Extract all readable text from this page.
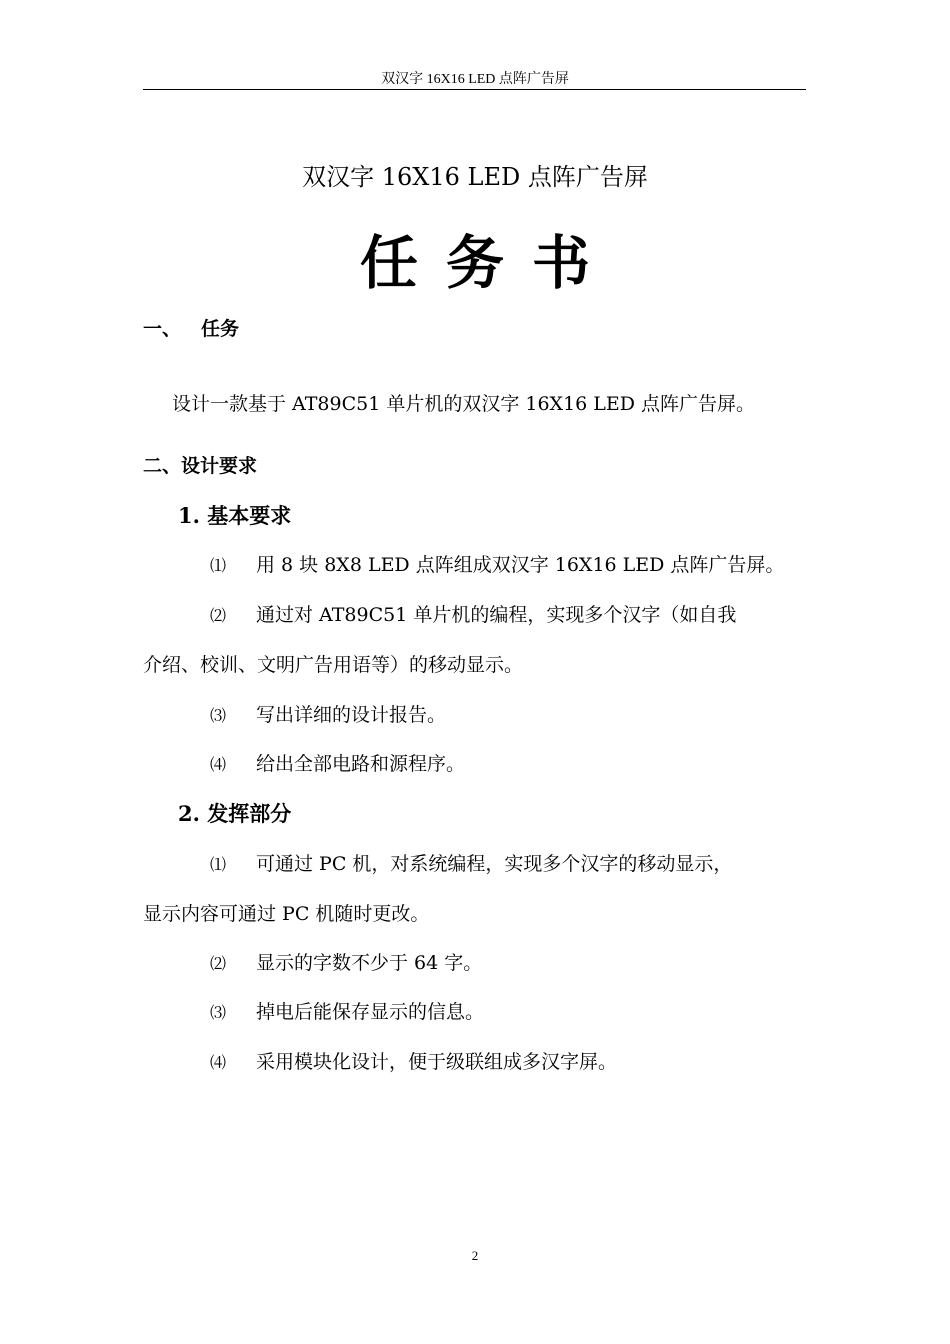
双汉字 16X16 LED 点阵广告屏
双汉字 16X16 LED 点阵广告屏
任务书
一、 任务
设计一款基于 AT89C51 单片机的双汉字 16X16 LED 点阵广告屏。
二、设计要求
1. 基本要求
⑴ 用 8 块 8X8 LED 点阵组成双汉字 16X16 LED 点阵广告屏。
⑵ 通过对 AT89C51 单片机的编程，实现多个汉字（如自我
介绍、校训、文明广告用语等）的移动显示。
⑶ 写出详细的设计报告。
⑷ 给出全部电路和源程序。
2. 发挥部分
⑴ 可通过 PC 机，对系统编程，实现多个汉字的移动显示，
显示内容可通过 PC 机随时更改。
⑵ 显示的字数不少于 64 字。
⑶ 掉电后能保存显示的信息。
⑷ 采用模块化设计，便于级联组成多汉字屏。
2
